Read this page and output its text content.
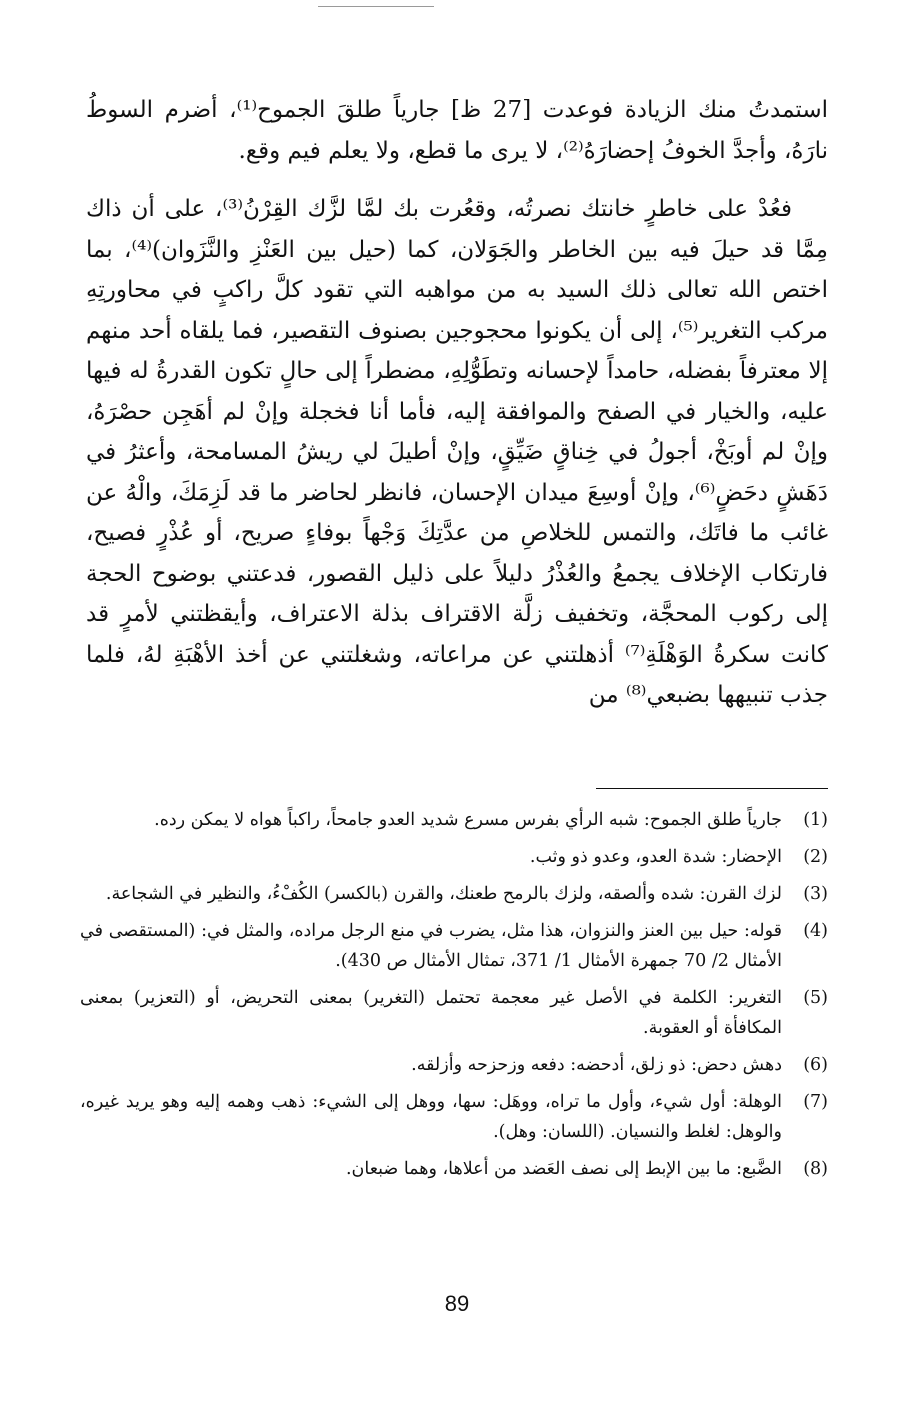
استمدتُ منك الزيادة فوعدت [27 ظ] جارياً طلقَ الجموح⁽¹⁾، أضرم السوطُ نارَهُ، وأجدَّ الخوفُ إحضارَهُ⁽²⁾، لا يرى ما قطع، ولا يعلم فيم وقع.

فعُدْ على خاطرٍ خانتك نصرتُه، وقعُرت بك لمَّا لزَّك القِرْنُ⁽³⁾، على أن ذاك مِمَّا قد حيلَ فيه بين الخاطر والجَوَلان، كما (حيل بين العَنْزِ والنَّزَوان)⁽⁴⁾، بما اختص الله تعالى ذلك السيد به من مواهبه التي تقود كلَّ راكبٍ في محاورتِهِ مركب التغرير⁽⁵⁾، إلى أن يكونوا محجوجين بصنوف التقصير، فما يلقاه أحد منهم إلا معترفاً بفضله، حامداً لإحسانه وتطَوُّلِهِ، مضطراً إلى حالٍ تكون القدرةُ له فيها عليه، والخيار في الصفح والموافقة إليه، فأما أنا فخجلة وإنْ لم أهَجِن حصْرَهُ، وإنْ لم أوبَخْ، أجولُ في خِناقٍ ضَيِّقٍ، وإنْ أطيلَ لي ريشُ المسامحة، وأعثرُ في دَهَشٍ دحَضٍ⁽⁶⁾، وإنْ أوسِعَ ميدان الإحسان، فانظر لحاضر ما قد لَزِمَكَ، والْهُ عن غائب ما فاتَك، والتمس للخلاصِ من عدَّتِكَ وَجْهاً بوفاءٍ صريح، أو عُذْرٍ فصيح، فارتكاب الإخلاف يجمعُ والعُذْرُ دليلاً على ذليل القصور، فدعتني بوضوح الحجة إلى ركوب المحجَّة، وتخفيف زلَّة الاقتراف بذلة الاعتراف، وأيقظتني لأمرٍ قد كانت سكرةُ الوَهْلَةِ⁽⁷⁾ أذهلتني عن مراعاته، وشغلتني عن أخذ الأهْبَةِ لهُ، فلما جذب تنبيهها بضبعي⁽⁸⁾ من

(1)
جارياً طلق الجموح: شبه الرأي بفرس مسرع شديد العدو جامحاً، راكباً هواه لا يمكن رده.
(2)
الإحضار: شدة العدو، وعدو ذو وثب.
(3)
لزك القرن: شده وألصقه، ولزك بالرمح طعنك، والقرن (بالكسر) الكُفْءُ، والنظير في الشجاعة.
(4)
قوله: حيل بين العنز والنزوان، هذا مثل، يضرب في منع الرجل مراده، والمثل في: (المستقصى في الأمثال 2/ 70 جمهرة الأمثال 1/ 371، تمثال الأمثال ص 430).
(5)
التغرير: الكلمة في الأصل غير معجمة تحتمل (التغرير) بمعنى التحريض، أو (التعزير) بمعنى المكافأة أو العقوبة.
(6)
دهش دحض: ذو زلق، أدحضه: دفعه وزحزحه وأزلقه.
(7)
الوهلة: أول شيء، وأول ما تراه، ووهَل: سها، ووهل إلى الشيء: ذهب وهمه إليه وهو يريد غيره، والوهل: لغلط والنسيان. (اللسان: وهل).
(8)
الضَّبع: ما بين الإبط إلى نصف العَضد من أعلاها، وهما ضبعان.
89
